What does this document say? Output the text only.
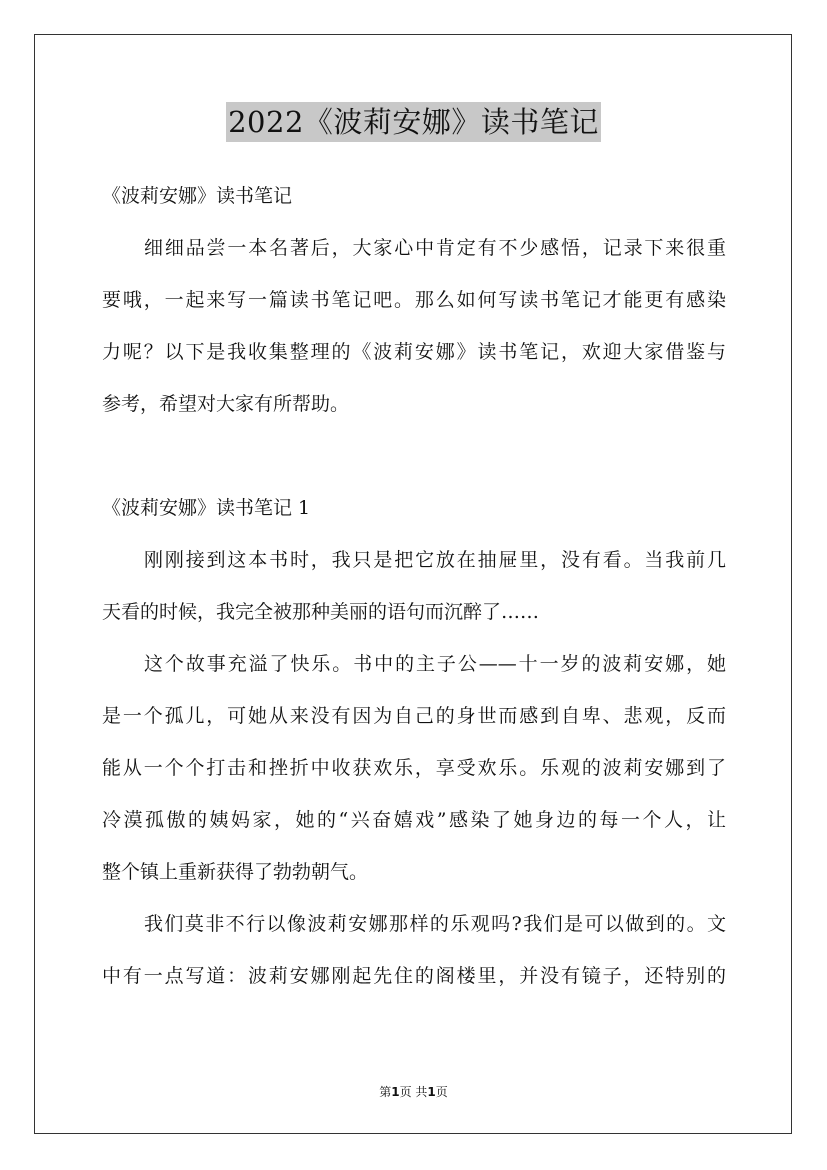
2022《波莉安娜》读书笔记
《波莉安娜》读书笔记
细细品尝一本名著后，大家心中肯定有不少感悟，记录下来很重
要哦，一起来写一篇读书笔记吧。那么如何写读书笔记才能更有感染
力呢？以下是我收集整理的《波莉安娜》读书笔记，欢迎大家借鉴与
参考，希望对大家有所帮助。
《波莉安娜》读书笔记 1
刚刚接到这本书时，我只是把它放在抽屉里，没有看。当我前几
天看的时候，我完全被那种美丽的语句而沉醉了……
这个故事充溢了快乐。书中的主子公——十一岁的波莉安娜，她
是一个孤儿，可她从来没有因为自己的身世而感到自卑、悲观，反而
能从一个个打击和挫折中收获欢乐，享受欢乐。乐观的波莉安娜到了
冷漠孤傲的姨妈家，她的“兴奋嬉戏”感染了她身边的每一个人，让
整个镇上重新获得了勃勃朝气。
我们莫非不行以像波莉安娜那样的乐观吗?我们是可以做到的。文
中有一点写道：波莉安娜刚起先住的阁楼里，并没有镜子，还特别的
第1页 共1页
